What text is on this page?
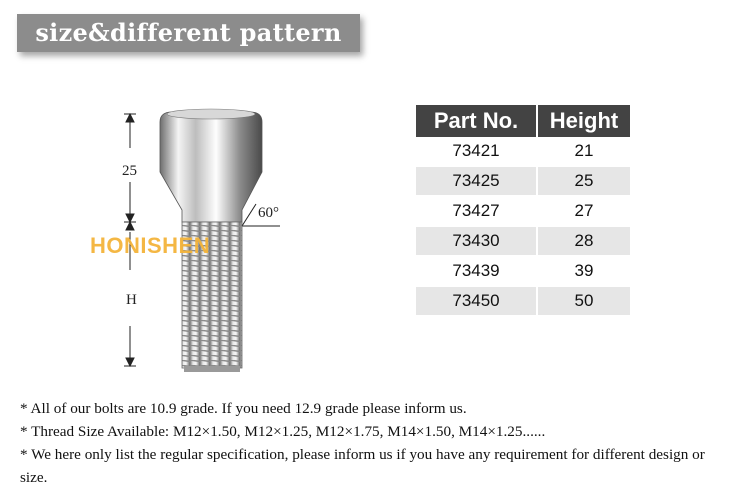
size&different pattern
25
H
60°
HONISHEN
Part No.	Height
73421	21
73425	25
73427	27
73430	28
73439	39
73450	50

* All of our bolts are 10.9 grade. If you need 12.9 grade please inform us.

* Thread Size Available: M12×1.50, M12×1.25, M12×1.75, M14×1.50, M14×1.25......

* We here only list the regular specification, please inform us if you have any requirement for different design or size.
